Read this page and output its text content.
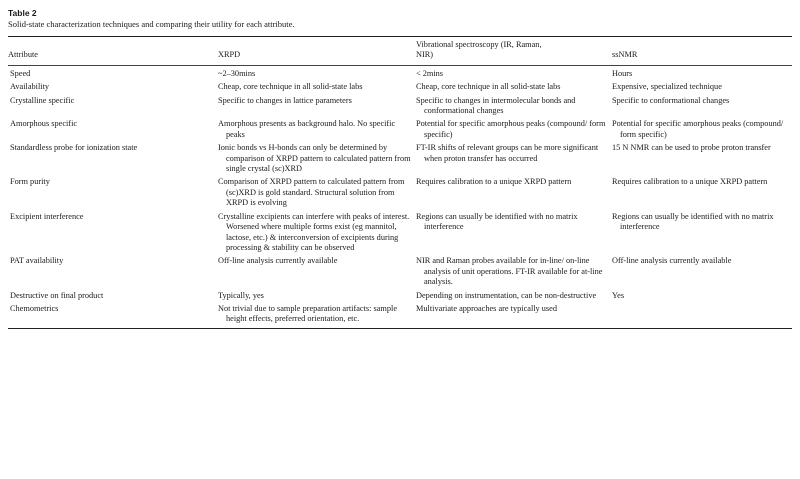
Table 2
Solid-state characterization techniques and comparing their utility for each attribute.
Attribute	XRPD	Vibrational spectroscopy (IR, Raman, NIR)	ssNMR

Speed	~2–30mins	< 2mins	Hours

Availability	Cheap, core technique in all solid-state labs	Cheap, core technique in all solid-state labs	Expensive, specialized technique

Crystalline specific	Specific to changes in lattice parameters	Specific to changes in intermolecular bonds and conformational changes	Specific to conformational changes

Amorphous specific	Amorphous presents as background halo. No specific peaks	Potential for specific amorphous peaks (compound/ form specific)	Potential for specific amorphous peaks (compound/ form specific)

Standardless probe for ionization state	Ionic bonds vs H-bonds can only be determined by comparison of XRPD pattern to calculated pattern from single crystal (sc)XRD	FT-IR shifts of relevant groups can be more significant when proton transfer has occurred	15 N NMR can be used to probe proton transfer

Form purity	Comparison of XRPD pattern to calculated pattern from (sc)XRD is gold standard. Structural solution from XRPD is evolving	Requires calibration to a unique XRPD pattern	Requires calibration to a unique XRPD pattern

Excipient interference	Crystalline excipients can interfere with peaks of interest. Worsened where multiple forms exist (eg mannitol, lactose, etc.) & interconversion of excipients during processing & stability can be observed	Regions can usually be identified with no matrix interference	Regions can usually be identified with no matrix interference

PAT availability	Off-line analysis currently available	NIR and Raman probes available for in-line/ on-line analysis of unit operations. FT-IR available for at-line analysis.	Off-line analysis currently available

Destructive on final product	Typically, yes	Depending on instrumentation, can be non-destructive	Yes

Chemometrics	Not trivial due to sample preparation artifacts: sample height effects, preferred orientation, etc.	Multivariate approaches are typically used	
